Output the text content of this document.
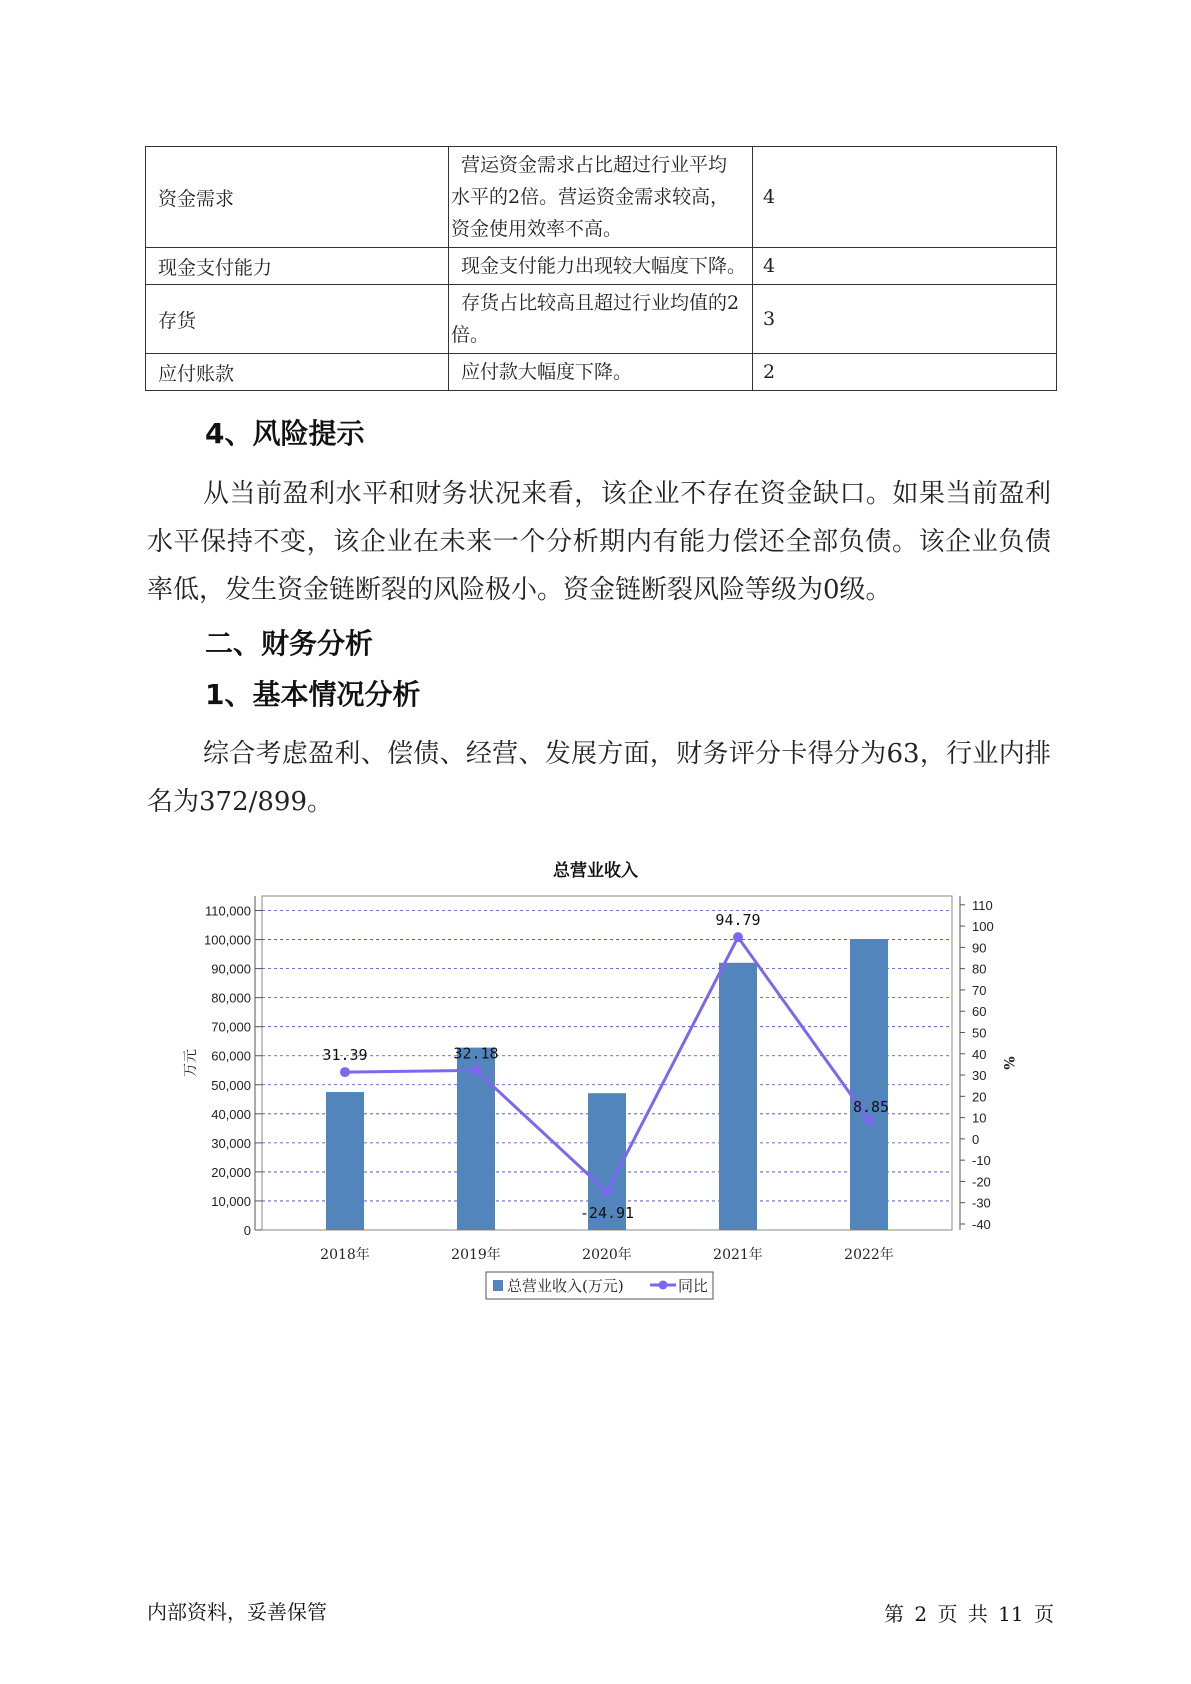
资金需求	营运资金需求占比超过行业平均
水平的2倍。营运资金需求较高，
资金使用效率不高。	4
现金支付能力	现金支付能力出现较大幅度下降。	4
存货	存货占比较高且超过行业均值的2
倍。	3
应付账款	应付款大幅度下降。	2
4、风险提示
从当前盈利水平和财务状况来看，该企业不存在资金缺口。如果当前盈利水平保持不变，该企业在未来一个分析期内有能力偿还全部负债。该企业负债率低，发生资金链断裂的风险极小。资金链断裂风险等级为0级。
二、财务分析
1、基本情况分析
综合考虑盈利、偿债、经营、发展方面，财务评分卡得分为63，行业内排名为372/899。
总营业收入
0
10,000
20,000
30,000
40,000
50,000
60,000
70,000
80,000
90,000
100,000
110,000
-40
-30
-20
-10
0
10
20
30
40
50
60
70
80
90
100
110
万元	%
2018年	2019年	2020年	2021年	2022年
31.39	32.18
-24.91
94.79
8.85
总营业收入(万元)	同比
内部资料，妥善保管	第 2 页 共 11 页
